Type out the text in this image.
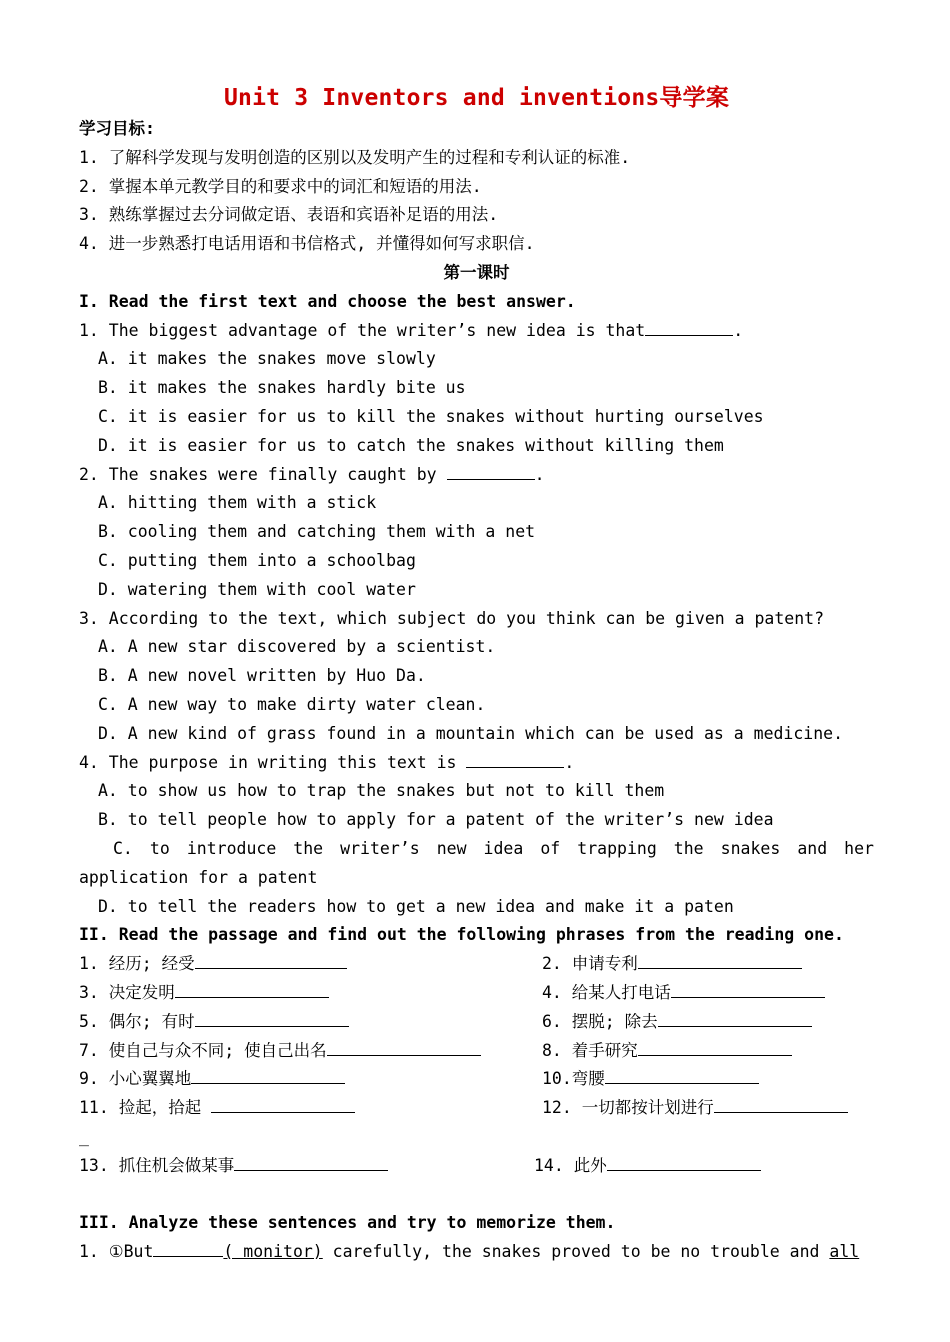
Unit 3 Inventors and inventions导学案
学习目标:
1. 了解科学发现与发明创造的区别以及发明产生的过程和专利认证的标准.
2. 掌握本单元教学目的和要求中的词汇和短语的用法.
3. 熟练掌握过去分词做定语、表语和宾语补足语的用法.
4. 进一步熟悉打电话用语和书信格式, 并懂得如何写求职信.
第一课时
I. Read the first text and choose the best answer.
1. The biggest advantage of the writer’s new idea is that	.
A. it makes the snakes move slowly
B. it makes the snakes hardly bite us
C. it is easier for us to kill the snakes without hurting ourselves
D. it is easier for us to catch the snakes without killing them
2. The snakes were finally caught by	.
A. hitting them with a stick
B. cooling them and catching them with a net
C. putting them into a schoolbag
D. watering them with cool water
3. According to the text, which subject do you think can be given a patent?
A. A new star discovered by a scientist.
B. A new novel written by Huo Da.
C. A new way to make dirty water clean.
D. A new kind of grass found in a mountain which can be used as a medicine.
4. The purpose in writing this text is	.
A. to show us how to trap the snakes but not to kill them
B. to tell people how to apply for a patent of the writer’s new idea
C. to introduce the writer’s new idea of trapping the snakes and her
application for a patent
D. to tell the readers how to get a new idea and make it a paten
II. Read the passage and find out the following phrases from the reading one.
1. 经历; 经受	2. 申请专利
3. 决定发明	4. 给某人打电话
5. 偶尔; 有时	6. 摆脱; 除去
7. 使自己与众不同; 使自己出名	8. 着手研究
9. 小心翼翼地	10.弯腰
11. 捡起，拾起	12. 一切都按计划进行
_
13. 抓住机会做某事	14. 此外
III. Analyze these sentences and try to memorize them.
1. ①But	( monitor) carefully, the snakes proved to be no trouble and all
